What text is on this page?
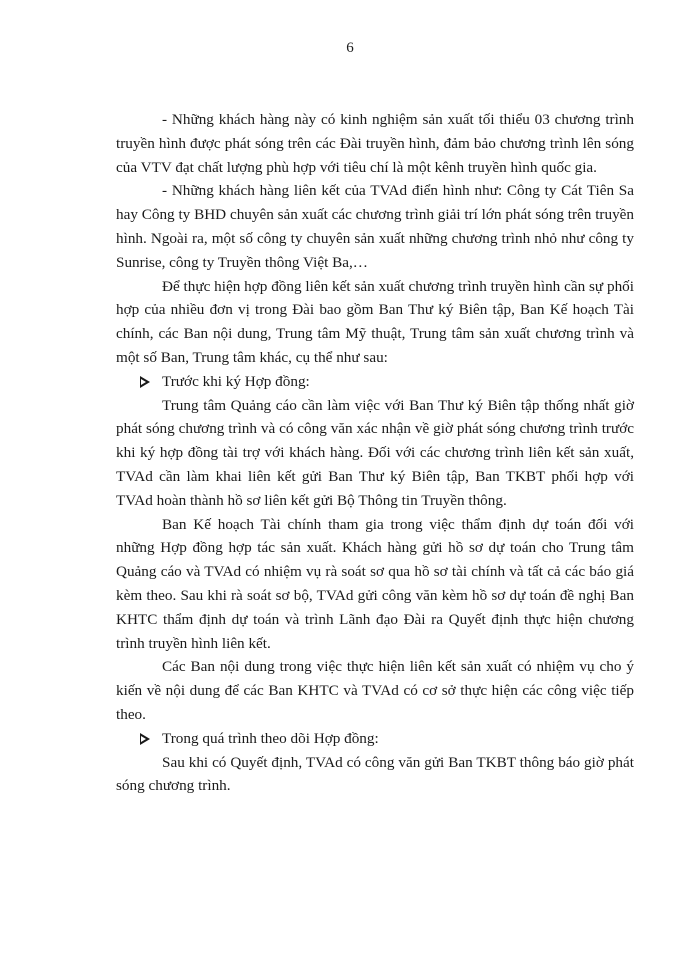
6

- Những khách hàng này có kinh nghiệm sản xuất tối thiểu 03 chương trình truyền hình được phát sóng trên các Đài truyền hình, đảm bảo chương trình lên sóng của VTV đạt chất lượng phù hợp với tiêu chí là một kênh truyền hình quốc gia.

- Những khách hàng liên kết của TVAd điển hình như: Công ty Cát Tiên Sa hay Công ty BHD chuyên sản xuất các chương trình giải trí lớn phát sóng trên truyền hình. Ngoài ra, một số công ty chuyên sản xuất những chương trình nhỏ như công ty Sunrise, công ty Truyền thông Việt Ba,…

Để thực hiện hợp đồng liên kết sản xuất chương trình truyền hình cần sự phối hợp của nhiều đơn vị trong Đài bao gồm Ban Thư ký Biên tập, Ban Kế hoạch Tài chính, các Ban nội dung, Trung tâm Mỹ thuật, Trung tâm sản xuất chương trình và một số Ban, Trung tâm khác, cụ thể như sau:

Trước khi ký Hợp đồng:

Trung tâm Quảng cáo cần làm việc với Ban Thư ký Biên tập thống nhất giờ phát sóng chương trình và có công văn xác nhận về giờ phát sóng chương trình trước khi ký hợp đồng tài trợ với khách hàng. Đối với các chương trình liên kết sản xuất, TVAd cần làm khai liên kết gửi Ban Thư ký Biên tập, Ban TKBT phối hợp với TVAd hoàn thành hồ sơ liên kết gửi Bộ Thông tin Truyền thông.

Ban Kế hoạch Tài chính tham gia trong việc thẩm định dự toán đối với những Hợp đồng hợp tác sản xuất. Khách hàng gửi hồ sơ dự toán cho Trung tâm Quảng cáo và TVAd có nhiệm vụ rà soát sơ qua hồ sơ tài chính và tất cả các báo giá kèm theo. Sau khi rà soát sơ bộ, TVAd gửi công văn kèm hồ sơ dự toán đề nghị Ban KHTC thẩm định dự toán và trình Lãnh đạo Đài ra Quyết định thực hiện chương trình truyền hình liên kết.

Các Ban nội dung trong việc thực hiện liên kết sản xuất có nhiệm vụ cho ý kiến về nội dung để các Ban KHTC và TVAd có cơ sở thực hiện các công việc tiếp theo.

Trong quá trình theo dõi Hợp đồng:

Sau khi có Quyết định, TVAd có công văn gửi Ban TKBT thông báo giờ phát sóng chương trình.
